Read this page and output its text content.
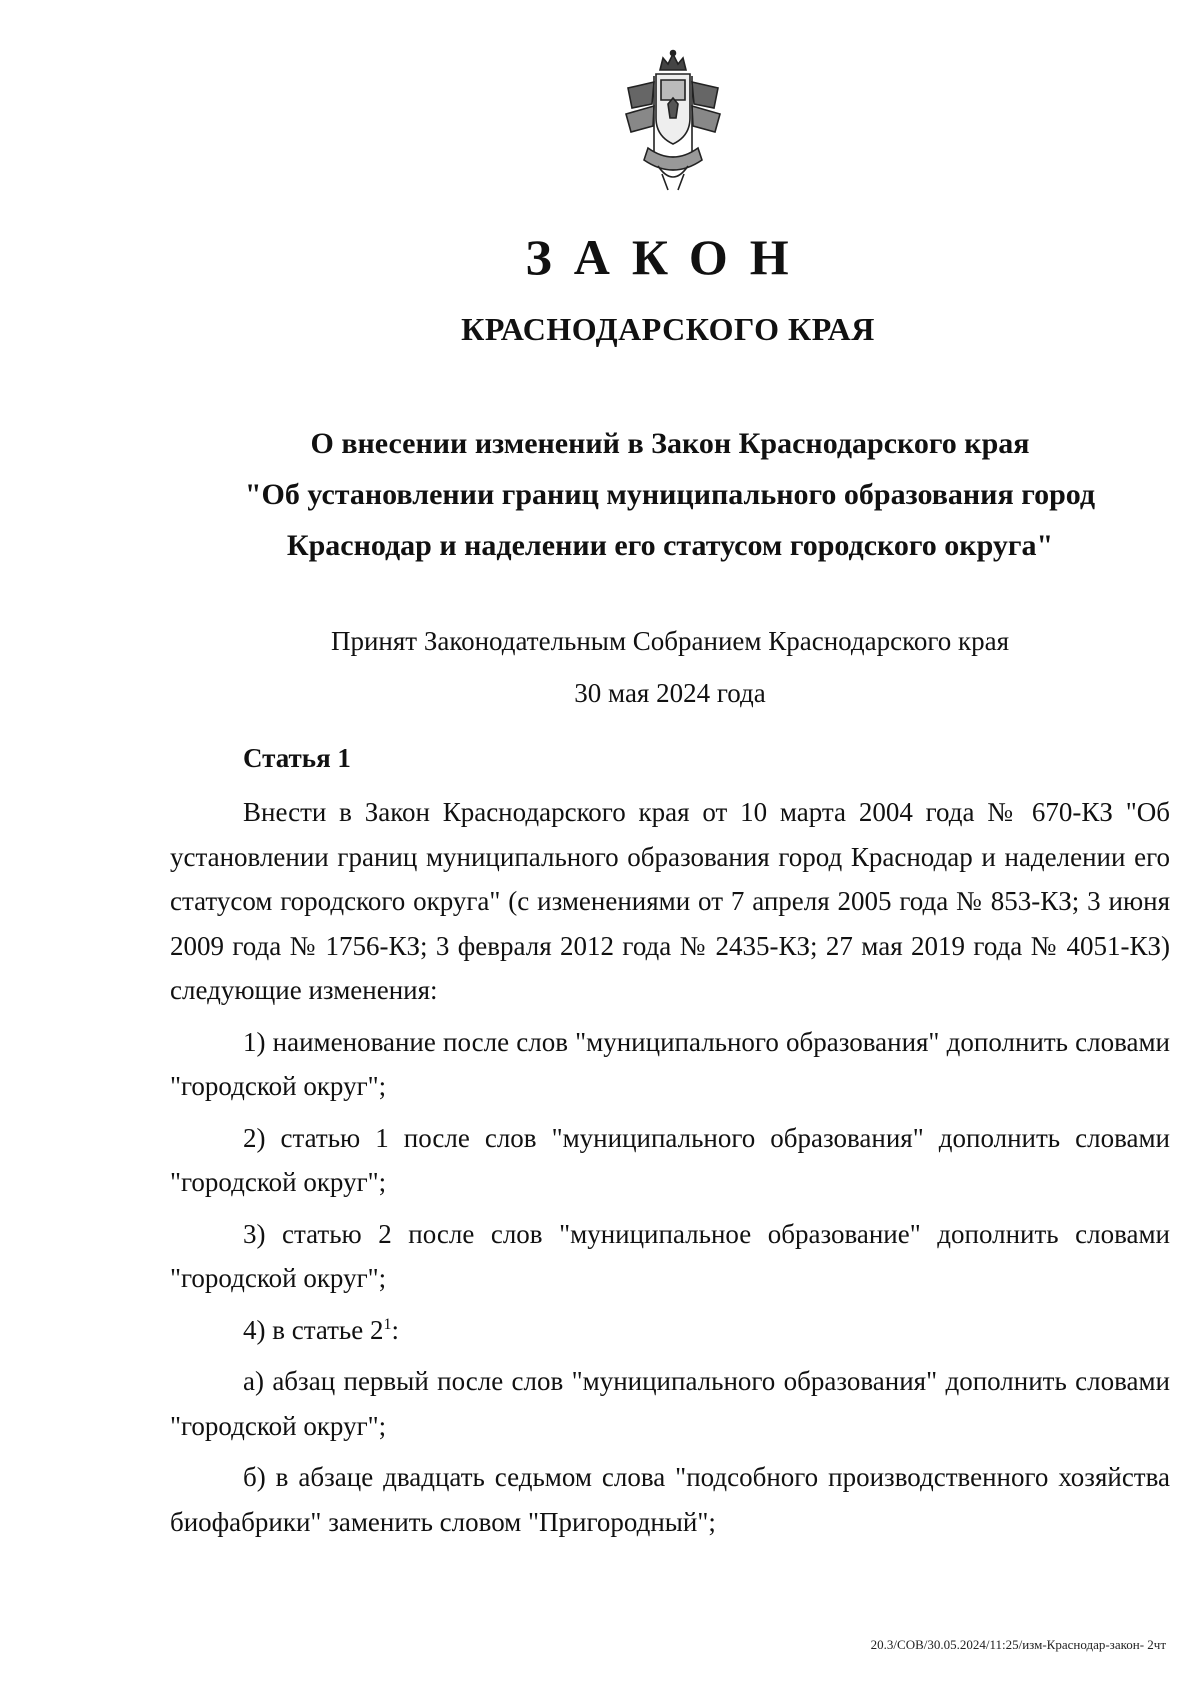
ЗАКОН
КРАСНОДАРСКОГО КРАЯ
О внесении изменений в Закон Краснодарского края
"Об установлении границ муниципального образования город
Краснодар и наделении его статусом городского округа"
Принят Законодательным Собранием Краснодарского края
30 мая 2024 года
Статья 1

Внести в Закон Краснодарского края от 10 марта 2004 года № 670-КЗ "Об установлении границ муниципального образования город Краснодар и наделении его статусом городского округа" (с изменениями от 7 апреля 2005 года № 853-КЗ; 3 июня 2009 года № 1756-КЗ; 3 февраля 2012 года № 2435-КЗ; 27 мая 2019 года № 4051-КЗ) следующие изменения:

1) наименование после слов "муниципального образования" дополнить словами "городской округ";

2) статью 1 после слов "муниципального образования" дополнить словами "городской округ";

3) статью 2 после слов "муниципальное образование" дополнить словами "городской округ";

4) в статье $2^1$:

а) абзац первый после слов "муниципального образования" дополнить словами "городской округ";

б) в абзаце двадцать седьмом слова "подсобного производственного хозяйства биофабрики" заменить словом "Пригородный";

20.3/СОВ/30.05.2024/11:25/изм-Краснодар-закон- 2чт
